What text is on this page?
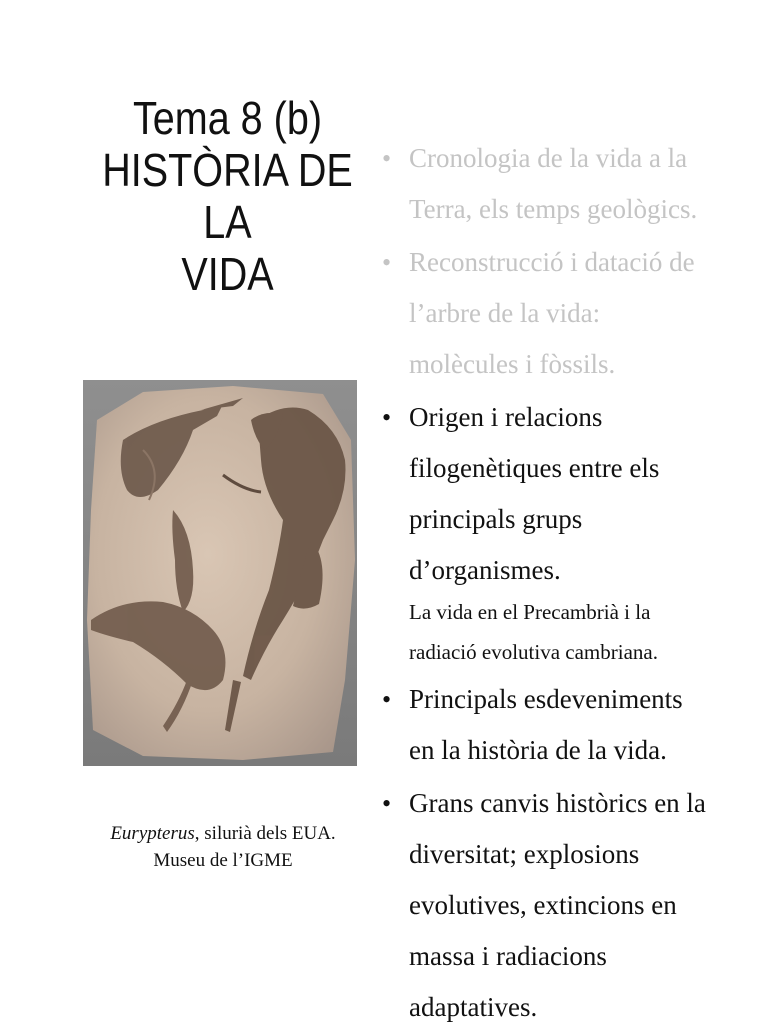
Tema 8 (b)
HISTÒRIA DE LA
VIDA
Eurypterus, silurià dels EUA.
Museu de l’IGME
• Cronologia de la vida a la Terra, els temps geològics.
• Reconstrucció i datació de l’arbre de la vida: molècules i fòssils.
• Origen i relacions filogenètiques entre els principals grups d’organismes.
La vida en el Precambrià i la radiació evolutiva cambriana.
• Principals esdeveniments en la història de la vida.
• Grans canvis històrics en la diversitat; explosions evolutives, extincions en massa i radiacions adaptatives.
